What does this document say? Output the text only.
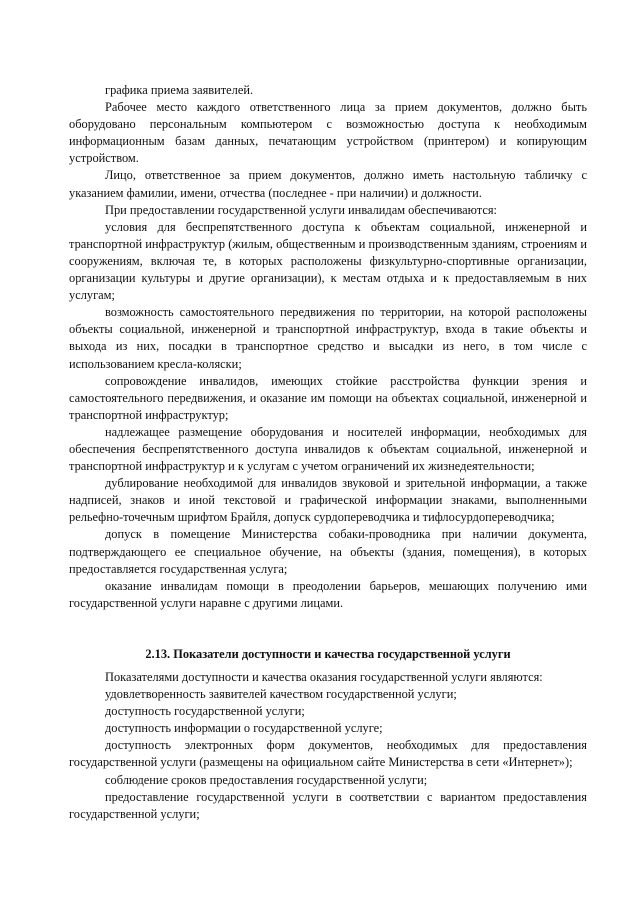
графика приема заявителей.

Рабочее место каждого ответственного лица за прием документов, должно быть оборудовано персональным компьютером с возможностью доступа к необходимым информационным базам данных, печатающим устройством (принтером) и копирующим устройством.

Лицо, ответственное за прием документов, должно иметь настольную табличку с указанием фамилии, имени, отчества (последнее - при наличии) и должности.

При предоставлении государственной услуги инвалидам обеспечиваются:

условия для беспрепятственного доступа к объектам социальной, инженерной и транспортной инфраструктур (жилым, общественным и производственным зданиям, строениям и сооружениям, включая те, в которых расположены физкультурно-спортивные организации, организации культуры и другие организации), к местам отдыха и к предоставляемым в них услугам;

возможность самостоятельного передвижения по территории, на которой расположены объекты социальной, инженерной и транспортной инфраструктур, входа в такие объекты и выхода из них, посадки в транспортное средство и высадки из него, в том числе с использованием кресла-коляски;

сопровождение инвалидов, имеющих стойкие расстройства функции зрения и самостоятельного передвижения, и оказание им помощи на объектах социальной, инженерной и транспортной инфраструктур;

надлежащее размещение оборудования и носителей информации, необходимых для обеспечения беспрепятственного доступа инвалидов к объектам социальной, инженерной и транспортной инфраструктур и к услугам с учетом ограничений их жизнедеятельности;

дублирование необходимой для инвалидов звуковой и зрительной информации, а также надписей, знаков и иной текстовой и графической информации знаками, выполненными рельефно-точечным шрифтом Брайля, допуск сурдопереводчика и тифлосурдопереводчика;

допуск в помещение Министерства собаки-проводника при наличии документа, подтверждающего ее специальное обучение, на объекты (здания, помещения), в которых предоставляется государственная услуга;

оказание инвалидам помощи в преодолении барьеров, мешающих получению ими государственной услуги наравне с другими лицами.

2.13. Показатели доступности и качества государственной услуги

Показателями доступности и качества оказания государственной услуги являются:

удовлетворенность заявителей качеством государственной услуги;

доступность государственной услуги;

доступность информации о государственной услуге;

доступность электронных форм документов, необходимых для предоставления государственной услуги (размещены на официальном сайте Министерства в сети «Интернет»);

соблюдение сроков предоставления государственной услуги;

предоставление государственной услуги в соответствии с вариантом предоставления государственной услуги;
